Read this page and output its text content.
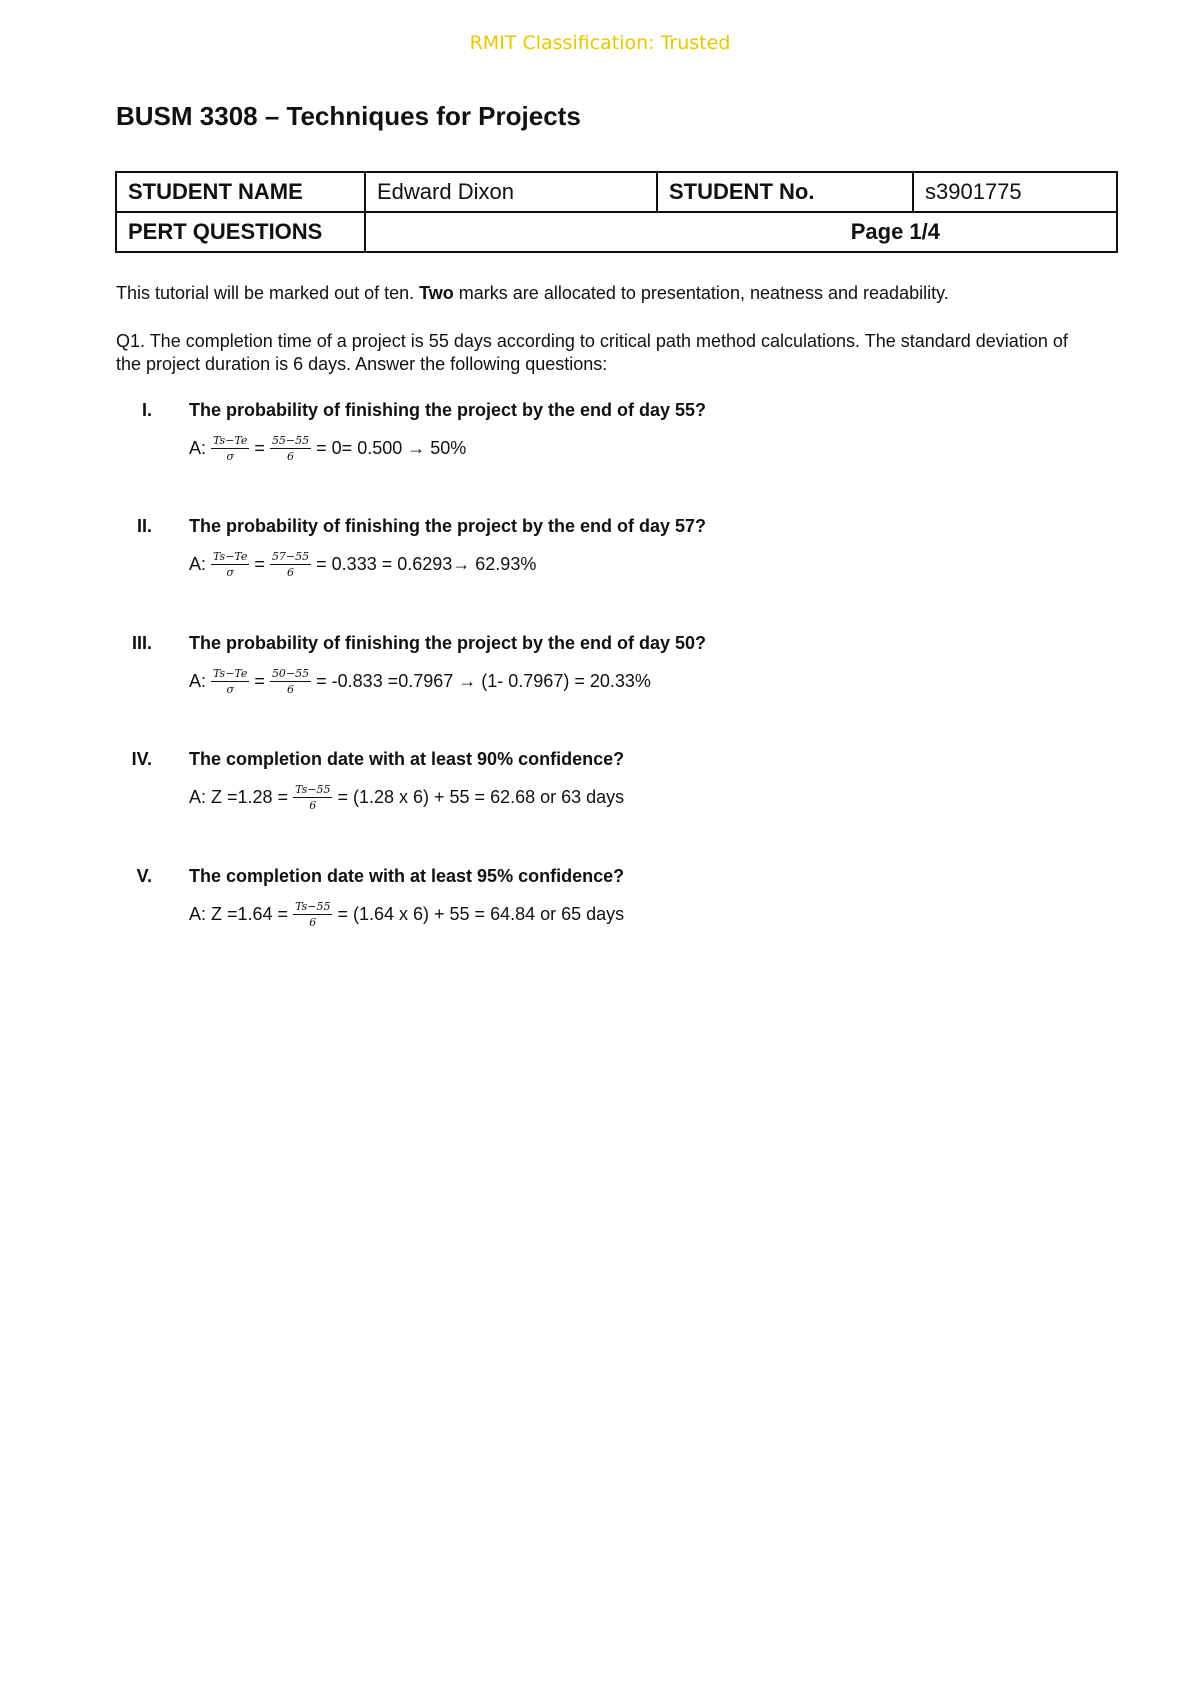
RMIT Classification: Trusted
BUSM 3308 – Techniques for Projects
STUDENT NAME	Edward Dixon	STUDENT No.	s3901775
PERT QUESTIONS	Page 1/4		

This tutorial will be marked out of ten. Two marks are allocated to presentation, neatness and readability.

Q1. The completion time of a project is 55 days according to critical path method calculations. The standard deviation of the project duration is 6 days. Answer the following questions:

I. The probability of finishing the project by the end of day 55?
A: $\frac{Ts-Te}{\sigma} = \frac{55-55}{6} = 0= 0.500 \to 50\%$
II. The probability of finishing the project by the end of day 57?
A: $\frac{Ts-Te}{\sigma} = \frac{57-55}{6} = 0.333 = 0.6293\to 62.93\%$
III. The probability of finishing the project by the end of day 50?
A: $\frac{Ts-Te}{\sigma} = \frac{50-55}{6} = -0.833 =0.7967 \to (1-$ 0.7967) = 20.33%
IV. The completion date with at least 90% confidence?
A: $Z =1.28 = \frac{Ts-55}{6} = (1.28$ x 6) + 55 = 62.68 or 63 days
V. The completion date with at least 95% confidence?
A: $Z =1.64 = \frac{Ts-55}{6} = (1.64$ x 6) + 55 = 64.84 or 65 days
